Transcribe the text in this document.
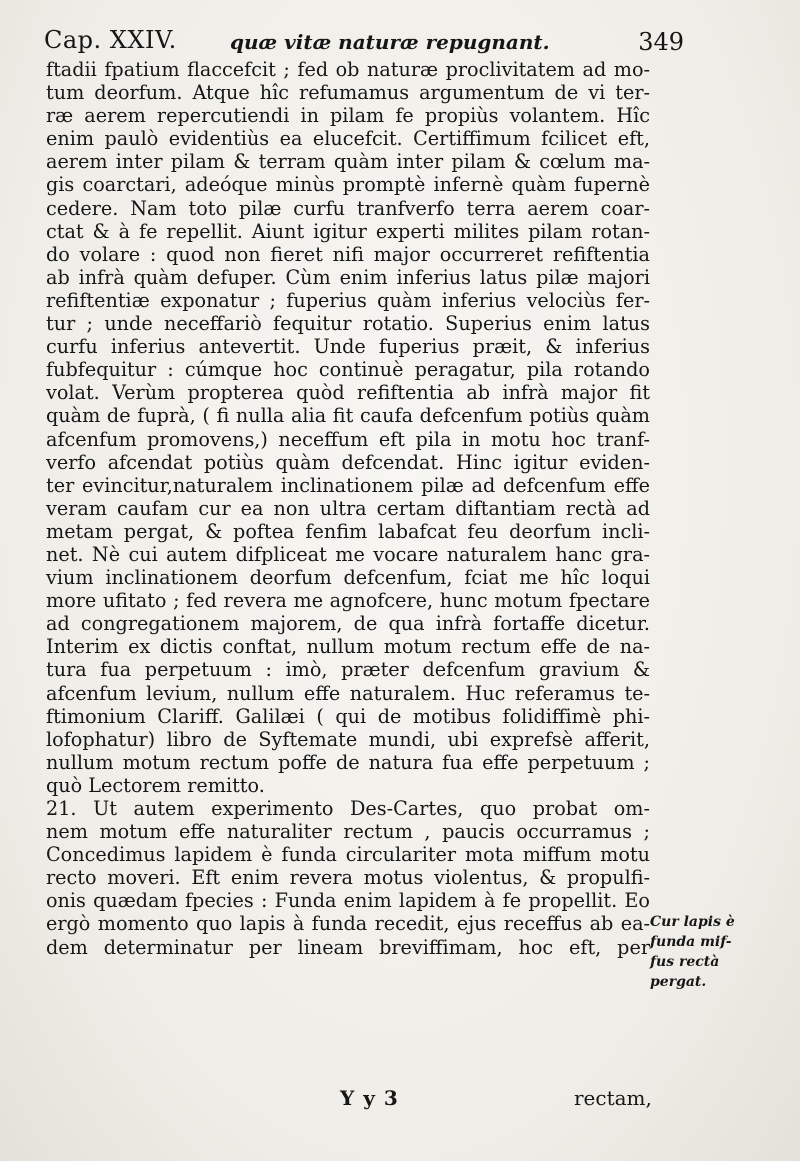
Cap. XXIV.	quæ vitæ naturæ repugnant.	349
ftadii fpatium flaccefcit ; fed ob naturæ proclivitatem ad mo-
tum deorfum. Atque hîc refumamus argumentum de vi ter-
ræ aerem repercutiendi in pilam fe propiùs volantem. Hîc
enim paulò evidentiùs ea elucefcit. Certiffimum fcilicet eft,
aerem inter pilam & terram quàm inter pilam & cœlum ma-
gis coarctari, adeóque minùs promptè infernè quàm fupernè
cedere. Nam toto pilæ curfu tranfverfo terra aerem coar-
ctat & à fe repellit. Aiunt igitur experti milites pilam rotan-
do volare : quod non fieret nifi major occurreret refiftentia
ab infrà quàm defuper. Cùm enim inferius latus pilæ majori
refiftentiæ exponatur ; fuperius quàm inferius velociùs fer-
tur ; unde neceffariò fequitur rotatio. Superius enim latus
curfu inferius antevertit. Unde fuperius præit, & inferius
fubfequitur : cúmque hoc continuè peragatur, pila rotando
volat. Verùm propterea quòd refiftentia ab infrà major fit
quàm de fuprà, ( fi nulla alia fit caufa defcenfum potiùs quàm
afcenfum promovens,) neceffum eft pila in motu hoc tranf-
verfo afcendat potiùs quàm defcendat. Hinc igitur eviden-
ter evincitur,naturalem inclinationem pilæ ad defcenfum effe
veram caufam cur ea non ultra certam diftantiam rectà ad
metam pergat, & poftea fenfim labafcat feu deorfum incli-
net. Nè cui autem difpliceat me vocare naturalem hanc gra-
vium inclinationem deorfum defcenfum, fciat me hîc loqui
more ufitato ; fed revera me agnofcere, hunc motum fpectare
ad congregationem majorem, de qua infrà fortaffe dicetur.
Interim ex dictis conftat, nullum motum rectum effe de na-
tura fua perpetuum : imò, præter defcenfum gravium &
afcenfum levium, nullum effe naturalem. Huc referamus te-
ftimonium Clariff. Galilæi ( qui de motibus folidiffimè phi-
lofophatur) libro de Syftemate mundi, ubi exprefsè afferit,
nullum motum rectum poffe de natura fua effe perpetuum ;
quò Lectorem remitto.
21. Ut autem experimento Des-Cartes, quo probat om-
nem motum effe naturaliter rectum , paucis occurramus ;
Concedimus lapidem è funda circulariter mota miffum motu
recto moveri. Eft enim revera motus violentus, & propulfi-
onis quædam fpecies : Funda enim lapidem à fe propellit. Eo
ergò momento quo lapis à funda recedit, ejus receffus ab ea-
dem determinatur per lineam breviffimam, hoc eft, per
Cur lapis è
funda mif-
fus rectà
pergat.
Y y 3	rectam,
